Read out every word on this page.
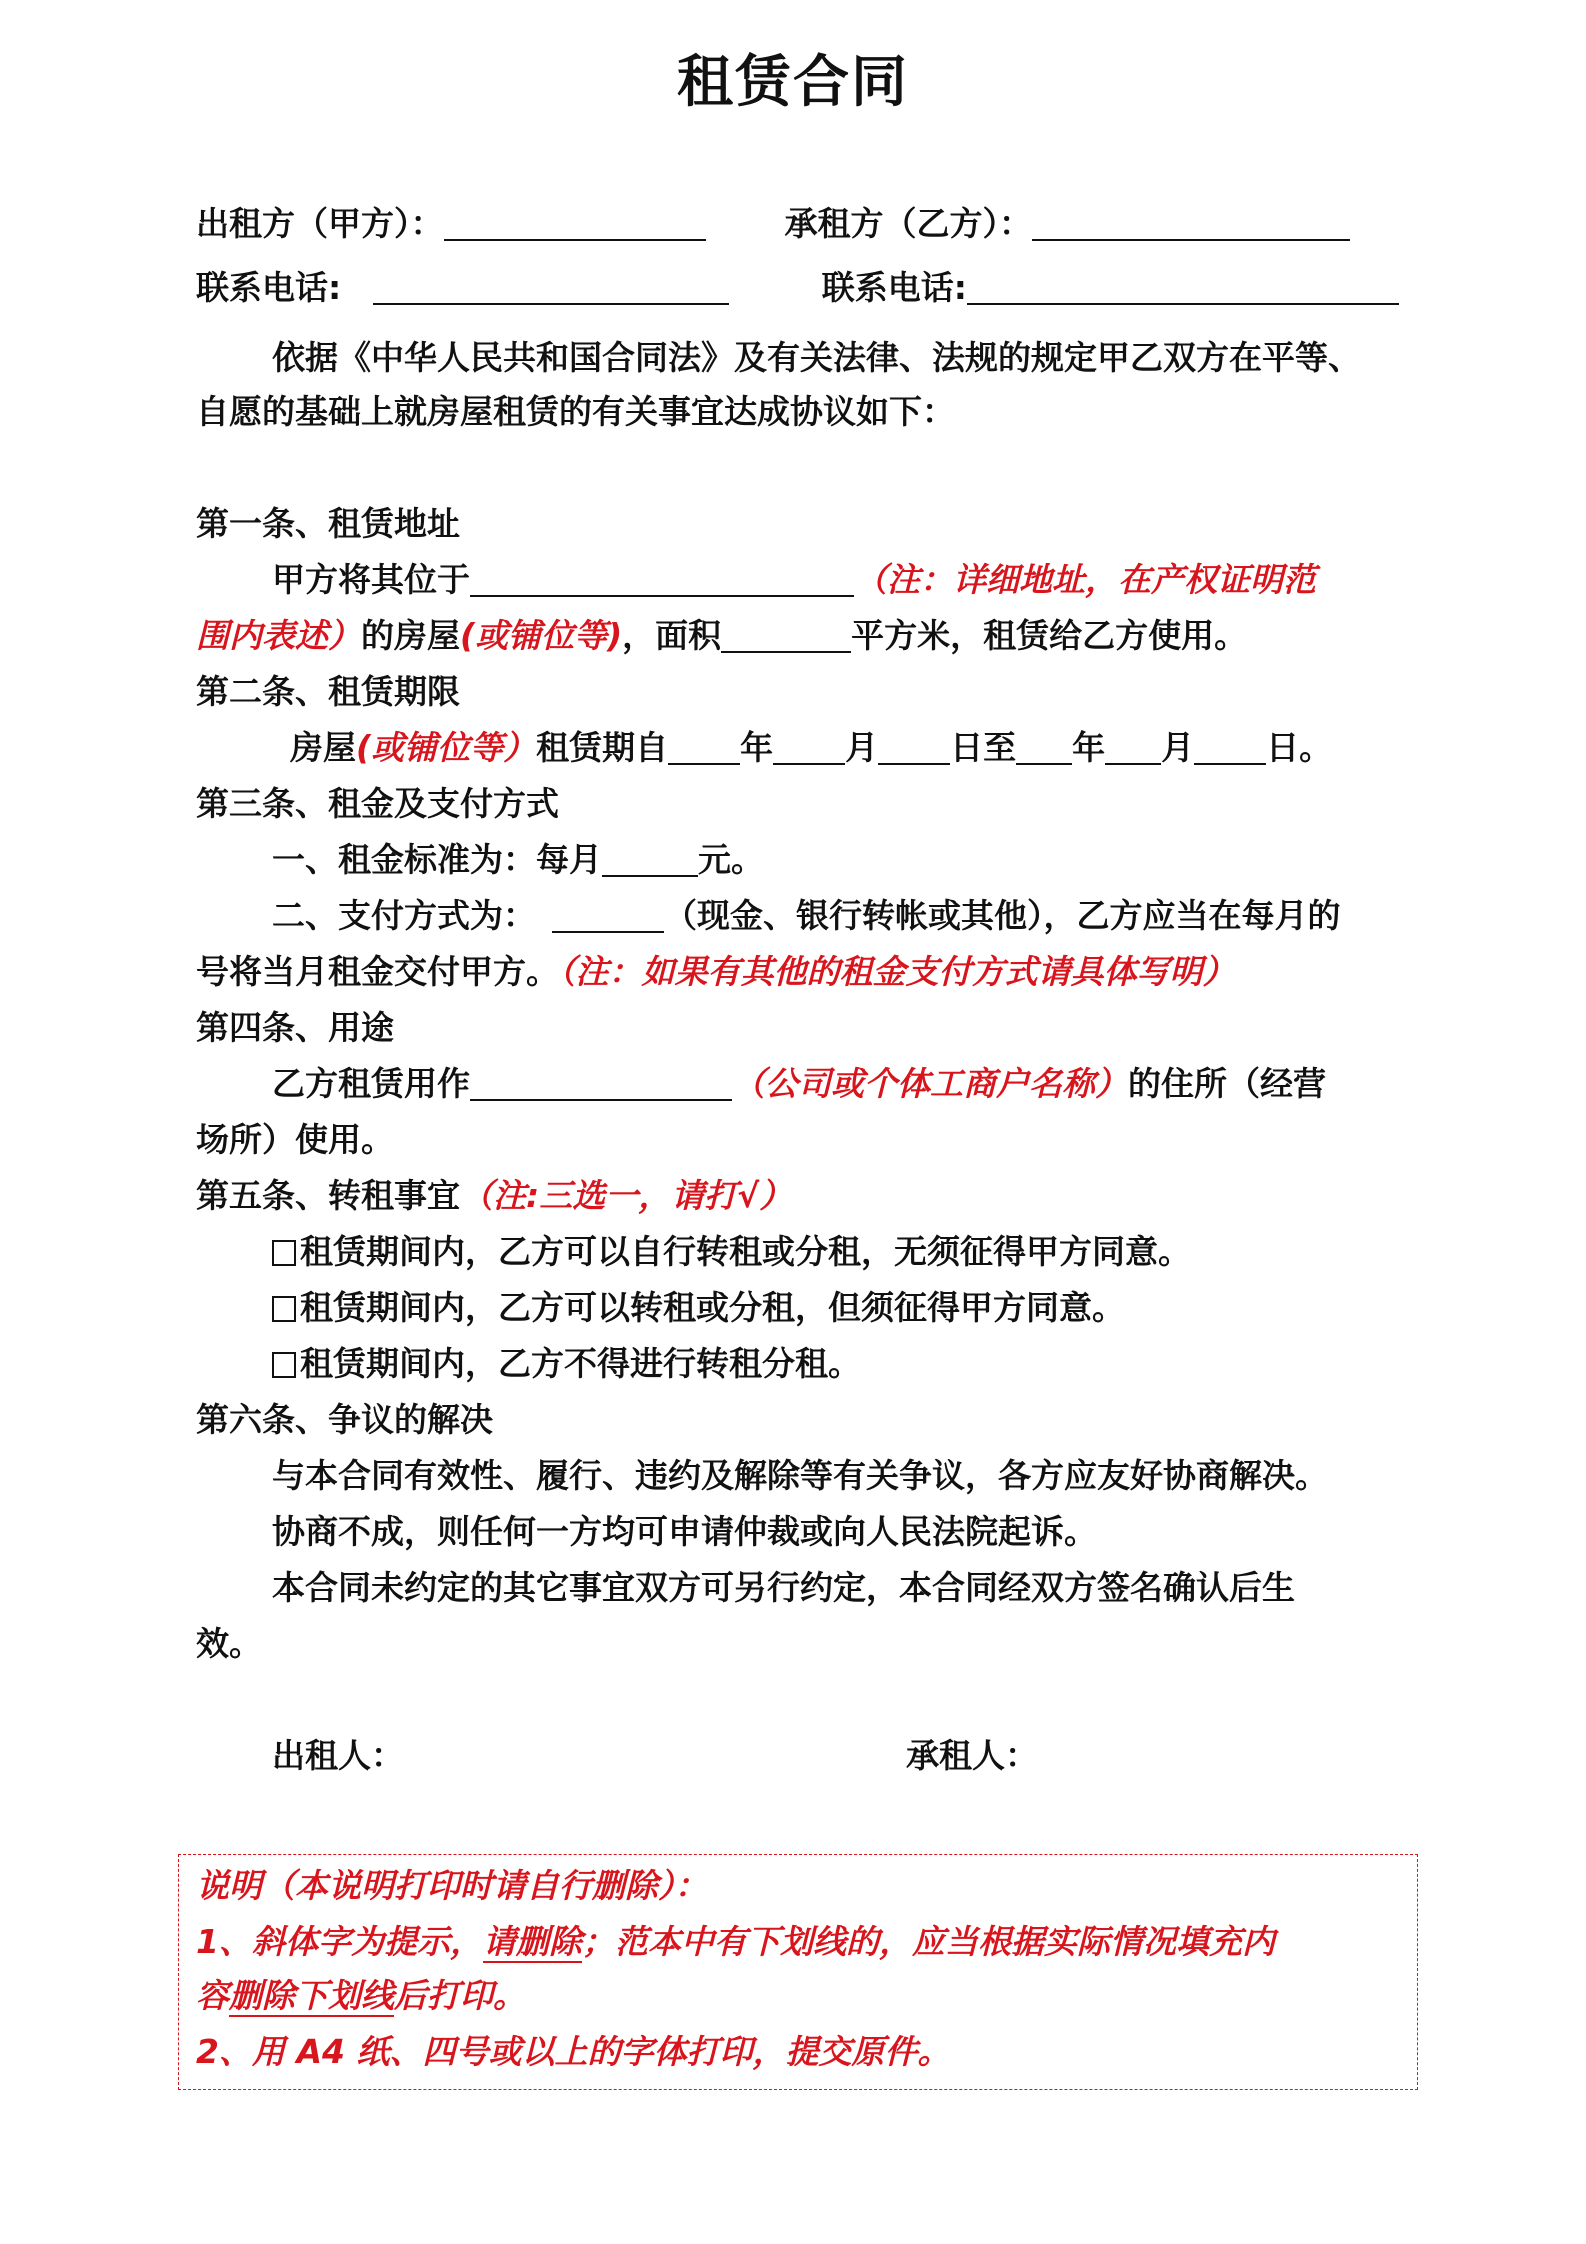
租赁合同
出租方（甲方）：	承租方（乙方）：
联系电话:	联系电话:
依据《中华人民共和国合同法》及有关法律、法规的规定甲乙双方在平等、
自愿的基础上就房屋租赁的有关事宜达成协议如下：
第一条、租赁地址
甲方将其位于	（注：详细地址，在产权证明范
围内表述）的房屋(或铺位等)，面积	平方米，租赁给乙方使用。
第二条、租赁期限
房屋(或铺位等）租赁期自 年 月 日至 年 月 日。
第三条、租金及支付方式
一、租金标准为：每月	元。
二、支付方式为：	（现金、银行转帐或其他），乙方应当在每月的
号将当月租金交付甲方。（注：如果有其他的租金支付方式请具体写明）
第四条、用途
乙方租赁用作	（公司或个体工商户名称）的住所（经营
场所）使用。
第五条、转租事宜（注:三选一，请打√）
租赁期间内，乙方可以自行转租或分租，无须征得甲方同意。
租赁期间内，乙方可以转租或分租，但须征得甲方同意。
租赁期间内，乙方不得进行转租分租。
第六条、争议的解决
与本合同有效性、履行、违约及解除等有关争议，各方应友好协商解决。
协商不成，则任何一方均可申请仲裁或向人民法院起诉。
本合同未约定的其它事宜双方可另行约定，本合同经双方签名确认后生
效。
出租人：	承租人：
说明（本说明打印时请自行删除）：
1、斜体字为提示，请删除；范本中有下划线的，应当根据实际情况填充内
容删除下划线后打印。
2、用 A4 纸、四号或以上的字体打印，提交原件。
